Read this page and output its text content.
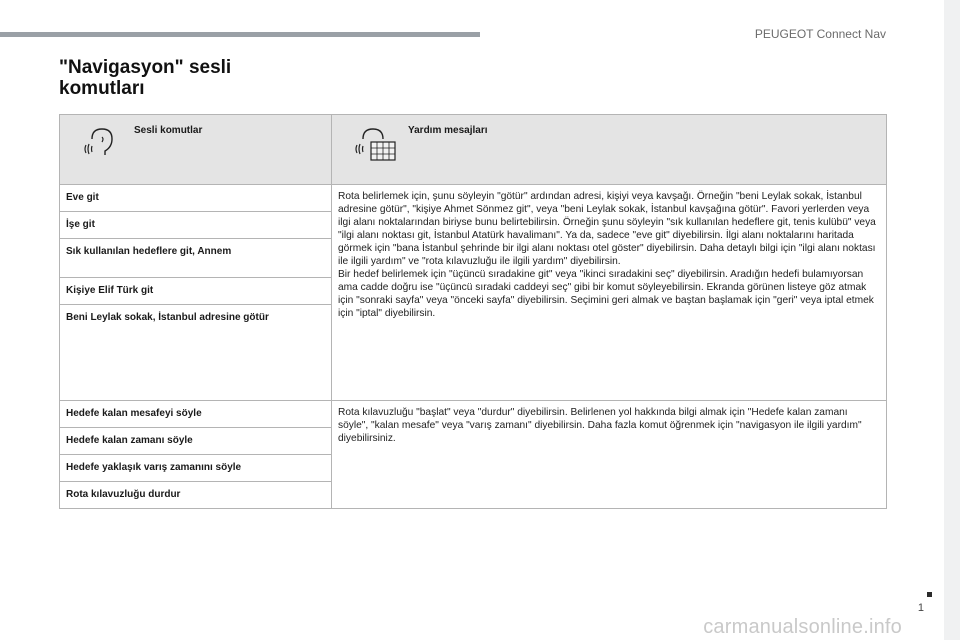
PEUGEOT Connect Nav
"Navigasyon" sesli komutları
Sesli komutlar	Yardım mesajları

Eve git	Rota belirlemek için, şunu söyleyin "götür" ardından adresi, kişiyi veya kavşağı. Örneğin "beni Leylak sokak, İstanbul adresine götür", "kişiye Ahmet Sönmez git", veya "beni Leylak sokak, İstanbul kavşağına götür". Favori yerlerden veya ilgi alanı noktalarından biriyse bunu belirtebilirsin. Örneğin şunu söyleyin "sık kullanılan hedeflere git, tenis kulübü" veya "ilgi alanı noktası git, İstanbul Atatürk havalimanı". Ya da, sadece "eve git" diyebilirsin. İlgi alanı noktalarını haritada görmek için "bana İstanbul şehrinde bir ilgi alanı noktası otel göster" diyebilirsin. Daha detaylı bilgi için "ilgi alanı noktası ile ilgili yardım" ve "rota kılavuzluğu ile ilgili yardım" diyebilirsin.
Bir hedef belirlemek için "üçüncü sıradakine git" veya "ikinci sıradakini seç" diyebilirsin. Aradığın hedefi bulamıyorsan ama cadde doğru ise "üçüncü sıradaki caddeyi seç" gibi bir komut söyleyebilirsin. Ekranda görünen listeye göz atmak için "sonraki sayfa" veya "önceki sayfa" diyebilirsin. Seçimini geri almak ve baştan başlamak için "geri" veya iptal etmek için "iptal" diyebilirsin.
İşe git	
Sık kullanılan hedeflere git, Annem	
Kişiye Elif Türk git	
Beni Leylak sokak, İstanbul adresine götür	
Hedefe kalan mesafeyi söyle	Rota kılavuzluğu "başlat" veya "durdur" diyebilirsin. Belirlenen yol hakkında bilgi almak için "Hedefe kalan zamanı söyle", "kalan mesafe" veya "varış zamanı" diyebilirsin. Daha fazla komut öğrenmek için "navigasyon ile ilgili yardım" diyebilirsiniz.
Hedefe kalan zamanı söyle	
Hedefe yaklaşık varış zamanını söyle	
Rota kılavuzluğu durdur	
1
carmanualsonline.info
